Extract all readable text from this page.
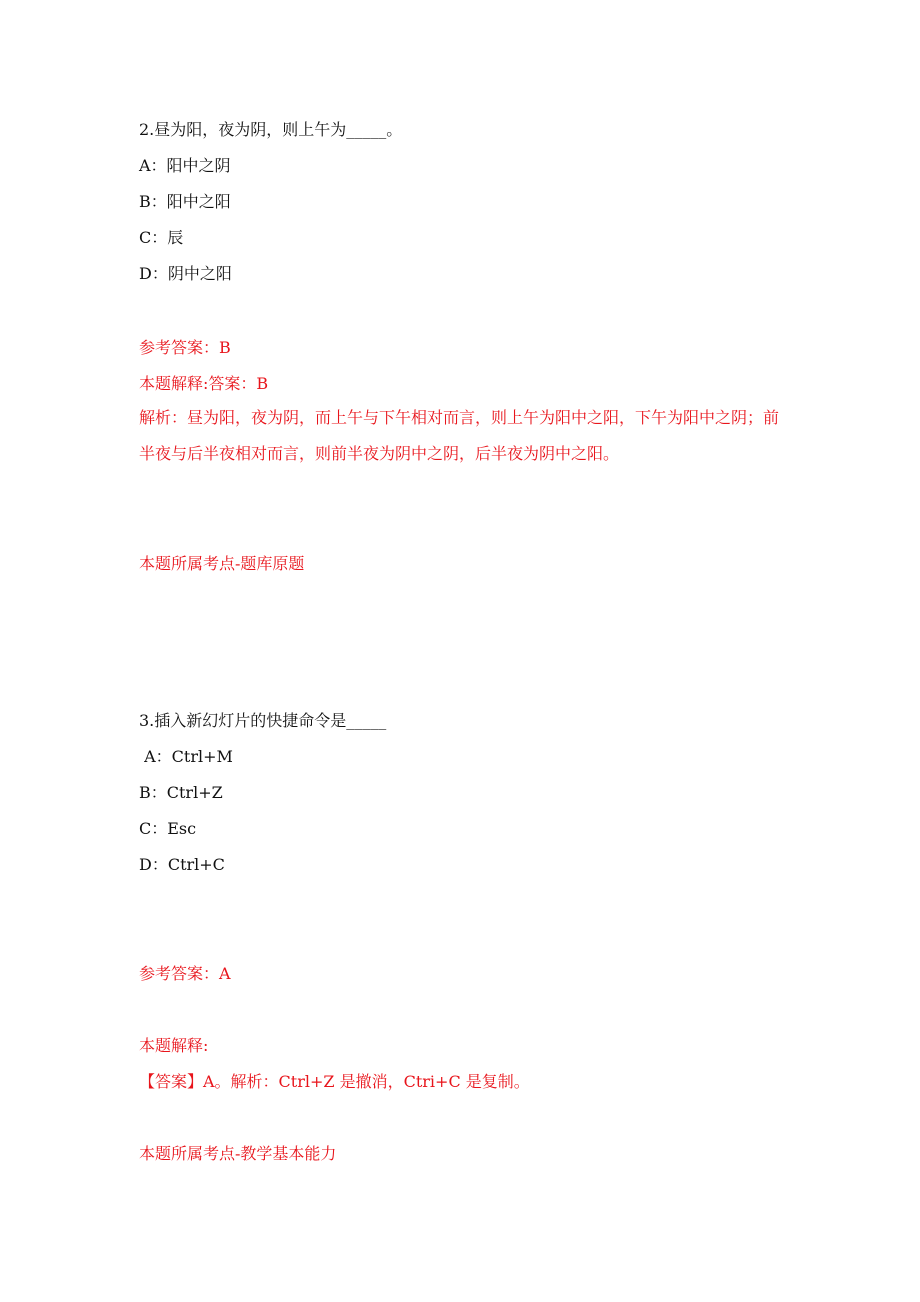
2.昼为阳，夜为阴，则上午为_____。
A：阳中之阴
B：阳中之阳
C：辰
D：阴中之阳
参考答案：B
本题解释:答案：B
解析：昼为阳，夜为阴，而上午与下午相对而言，则上午为阳中之阳，下午为阳中之阴；前半夜与后半夜相对而言，则前半夜为阴中之阴，后半夜为阴中之阳。
本题所属考点-题库原题
3.插入新幻灯片的快捷命令是_____
A：Ctrl+M
B：Ctrl+Z
C：Esc
D：Ctrl+C
参考答案：A
本题解释:
【答案】A。解析：Ctrl+Z 是撤消，Ctri+C 是复制。
本题所属考点-教学基本能力
